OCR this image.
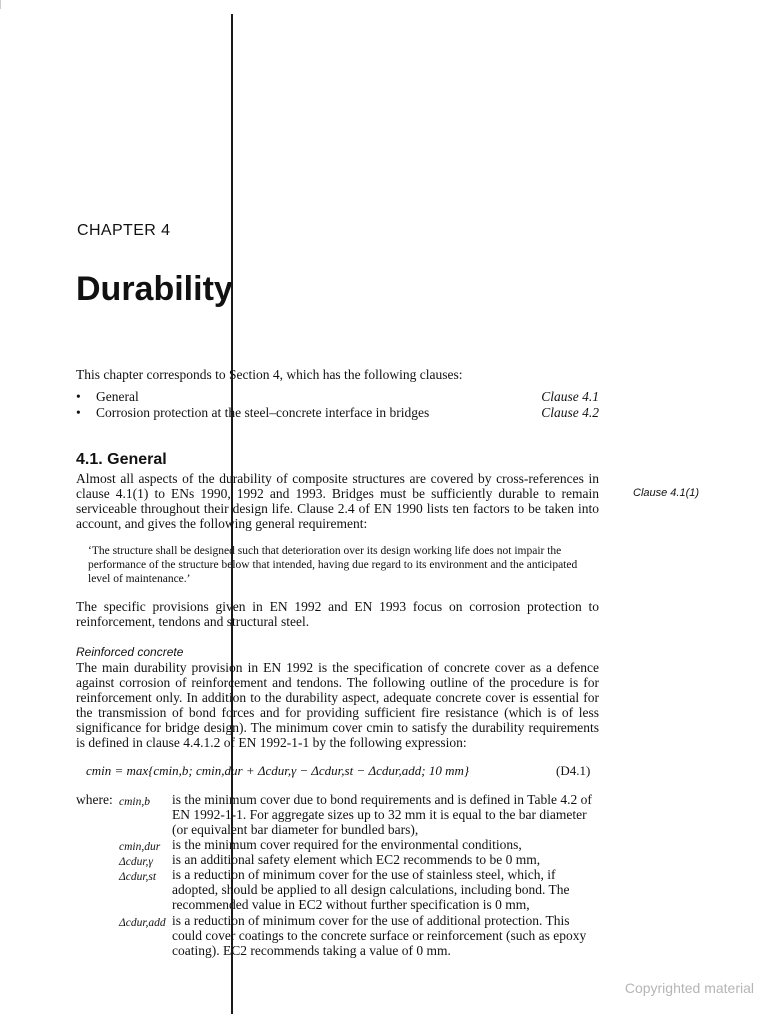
CHAPTER 4
Durability
This chapter corresponds to Section 4, which has the following clauses:
• General	Clause 4.1
• Corrosion protection at the steel–concrete interface in bridges	Clause 4.2
4.1. General
Almost all aspects of the durability of composite structures are covered by cross-references in clause 4.1(1) to ENs 1990, 1992 and 1993. Bridges must be sufficiently durable to remain serviceable throughout their design life. Clause 2.4 of EN 1990 lists ten factors to be taken into account, and gives the following general requirement:
Clause 4.1(1)
‘The structure shall be designed such that deterioration over its design working life does not impair the performance of the structure below that intended, having due regard to its environment and the anticipated level of maintenance.’
The specific provisions given in EN 1992 and EN 1993 focus on corrosion protection to reinforcement, tendons and structural steel.
Reinforced concrete
The main durability provision in EN 1992 is the specification of concrete cover as a defence against corrosion of reinforcement and tendons. The following outline of the procedure is for reinforcement only. In addition to the durability aspect, adequate concrete cover is essential for the transmission of bond forces and for providing sufficient fire resistance (which is of less significance for bridge design). The minimum cover cmin to satisfy the durability requirements is defined in clause 4.4.1.2 of EN 1992-1-1 by the following expression:
cmin = max{cmin,b; cmin,dur + Δcdur,γ − Δcdur,st − Δcdur,add; 10 mm}	(D4.1)
where: cmin,b	is the minimum cover due to bond requirements and is defined in Table 4.2 of EN 1992-1-1. For aggregate sizes up to 32 mm it is equal to the bar diameter (or equivalent bar diameter for bundled bars),
cmin,dur is the minimum cover required for the environmental conditions,
Δcdur,γ	is an additional safety element which EC2 recommends to be 0 mm,
Δcdur,st	is a reduction of minimum cover for the use of stainless steel, which, if adopted, should be applied to all design calculations, including bond. The recommended value in EC2 without further specification is 0 mm,
Δcdur,add is a reduction of minimum cover for the use of additional protection. This could cover coatings to the concrete surface or reinforcement (such as epoxy coating). EC2 recommends taking a value of 0 mm.
Copyrighted material
